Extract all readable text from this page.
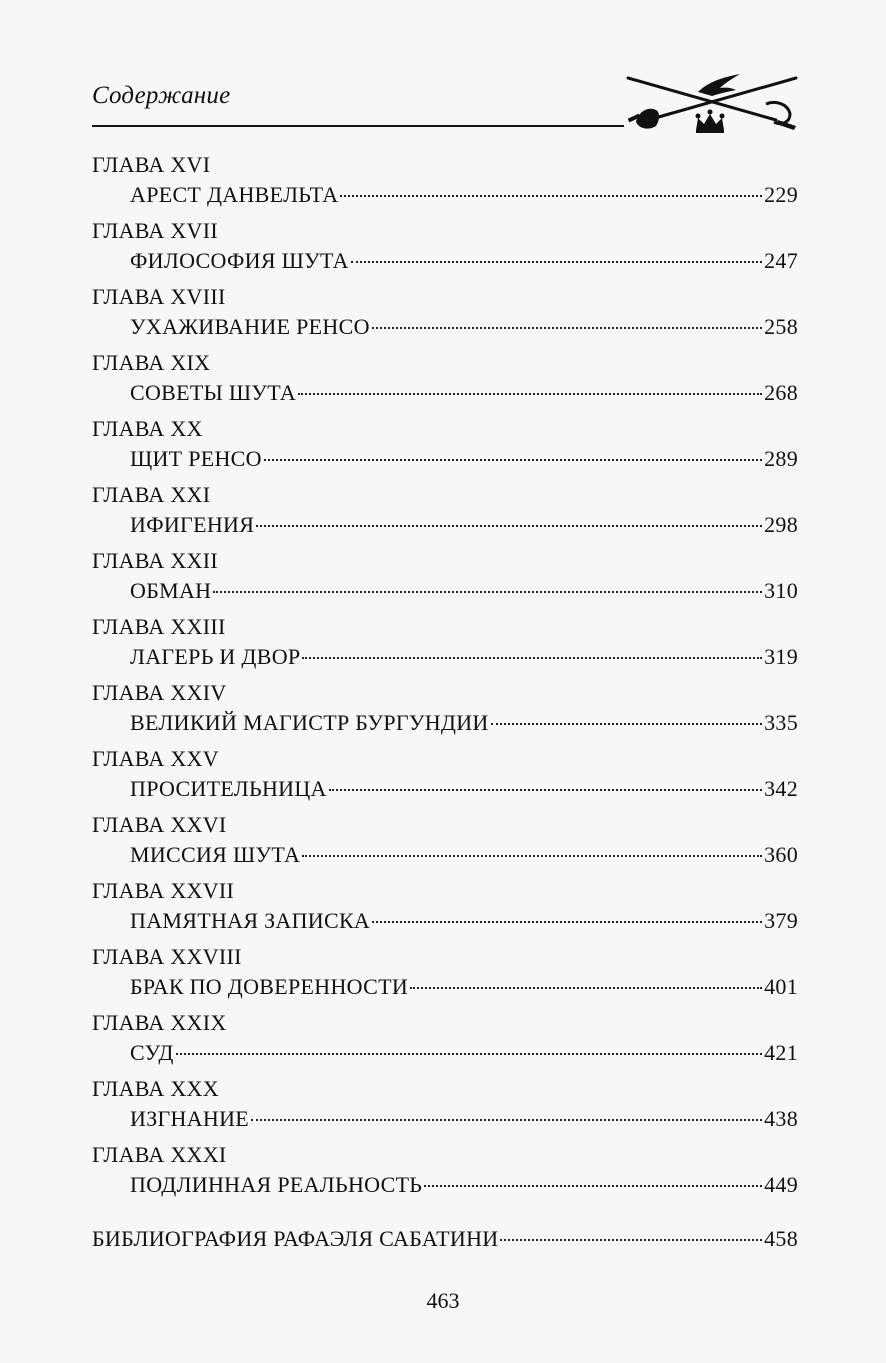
Содержание
ГЛАВА XVI
АРЕСТ ДАНВЕЛЬТА	229
ГЛАВА XVII
ФИЛОСОФИЯ ШУТА	247
ГЛАВА XVIII
УХАЖИВАНИЕ РЕНСО	258
ГЛАВА XIX
СОВЕТЫ ШУТА	268
ГЛАВА XX
ЩИТ РЕНСО	289
ГЛАВА XXI
ИФИГЕНИЯ	298
ГЛАВА XXII
ОБМАН	310
ГЛАВА XXIII
ЛАГЕРЬ И ДВОР	319
ГЛАВА XXIV
ВЕЛИКИЙ МАГИСТР БУРГУНДИИ	335
ГЛАВА XXV
ПРОСИТЕЛЬНИЦА	342
ГЛАВА XXVI
МИССИЯ ШУТА	360
ГЛАВА XXVII
ПАМЯТНАЯ ЗАПИСКА	379
ГЛАВА XXVIII
БРАК ПО ДОВЕРЕННОСТИ	401
ГЛАВА XXIX
СУД	421
ГЛАВА XXX
ИЗГНАНИЕ	438
ГЛАВА XXXI
ПОДЛИННАЯ РЕАЛЬНОСТЬ	449
БИБЛИОГРАФИЯ РАФАЭЛЯ САБАТИНИ	458
463
